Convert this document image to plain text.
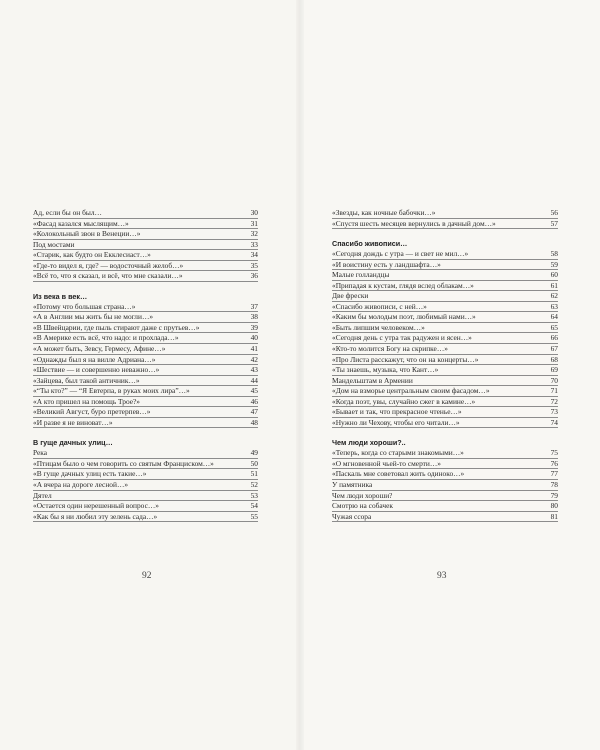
Ад, если бы он был…	30
«Фасад казался мыслящим…»	31
«Колокольный звон в Венеции…»	32
Под мостами	33
«Старик, как будто он Екклесиаст…»	34
«Где-то видел я, где? — водосточный желоб…»	35
«Всё то, что я сказал, и всё, что мне сказали…»	36
Из века в век…
«Потому что большая страна…»	37
«А в Англии мы жить бы не могли…»	38
«В Швейцарии, где пыль стирают даже с прутьев…»	39
«В Америке есть всё, что надо: и прохлада…»	40
«А может быть, Зевсу, Гермесу, Афине…»	41
«Однажды был я на вилле Адриана…»	42
«Шествие — и совершенно неважно…»	43
«Зайцева, был такой античник…»	44
«“Ты кто?” — “Я Евтерпа, в руках моих лира”…»	45
«А кто пришел на помощь Трое?»	46
«Великий Август, буро претерпев…»	47
«И разве я не виноват…»	48
В гуще дачных улиц…
Река	49
«Птицам было о чем говорить со святым Франциском…»	50
«В гуще дачных улиц есть такие…»	51
«А вчера на дороге лесной…»	52
Дятел	53
«Остается один нерешенный вопрос…»	54
«Как бы я ни любил эту зелень сада…»	55
92
«Звезды, как ночные бабочки…»	56
«Спустя шесть месяцев вернулись в дачный дом…»	57
Спасибо живописи…
«Сегодня дождь с утра — и свет не мил…»	58
«И воистину есть у ландшафта…»	59
Малые голландцы	60
«Припадая к кустам, глядя вслед облакам…»	61
Две фрески	62
«Спасибо живописи, с ней…»	63
«Каким бы молодым поэт, любимый нами…»	64
«Быть липшим человеком…»	65
«Сегодня день с утра так радужен и ясен…»	66
«Кто-то молится Богу на скрипке…»	67
«Про Листа расскажут, что он на концерты…»	68
«Ты знаешь, музыка, что Кант…»	69
Мандельштам в Армении	70
«Дом на взморье центральным своим фасадом…»	71
«Когда поэт, увы, случайно сжег в камине…»	72
«Бывает и так, что прекрасное чтенье…»	73
«Нужно ли Чехову, чтобы его читали…»	74
Чем люди хороши?..
«Теперь, когда со старыми знакомыми…»	75
«О мгновенной чьей-то смерти…»	76
«Паскаль мне советовал жить одиноко…»	77
У памятника	78
Чем люди хороши?	79
Смотрю на собачек	80
Чужая ссора	81
93
